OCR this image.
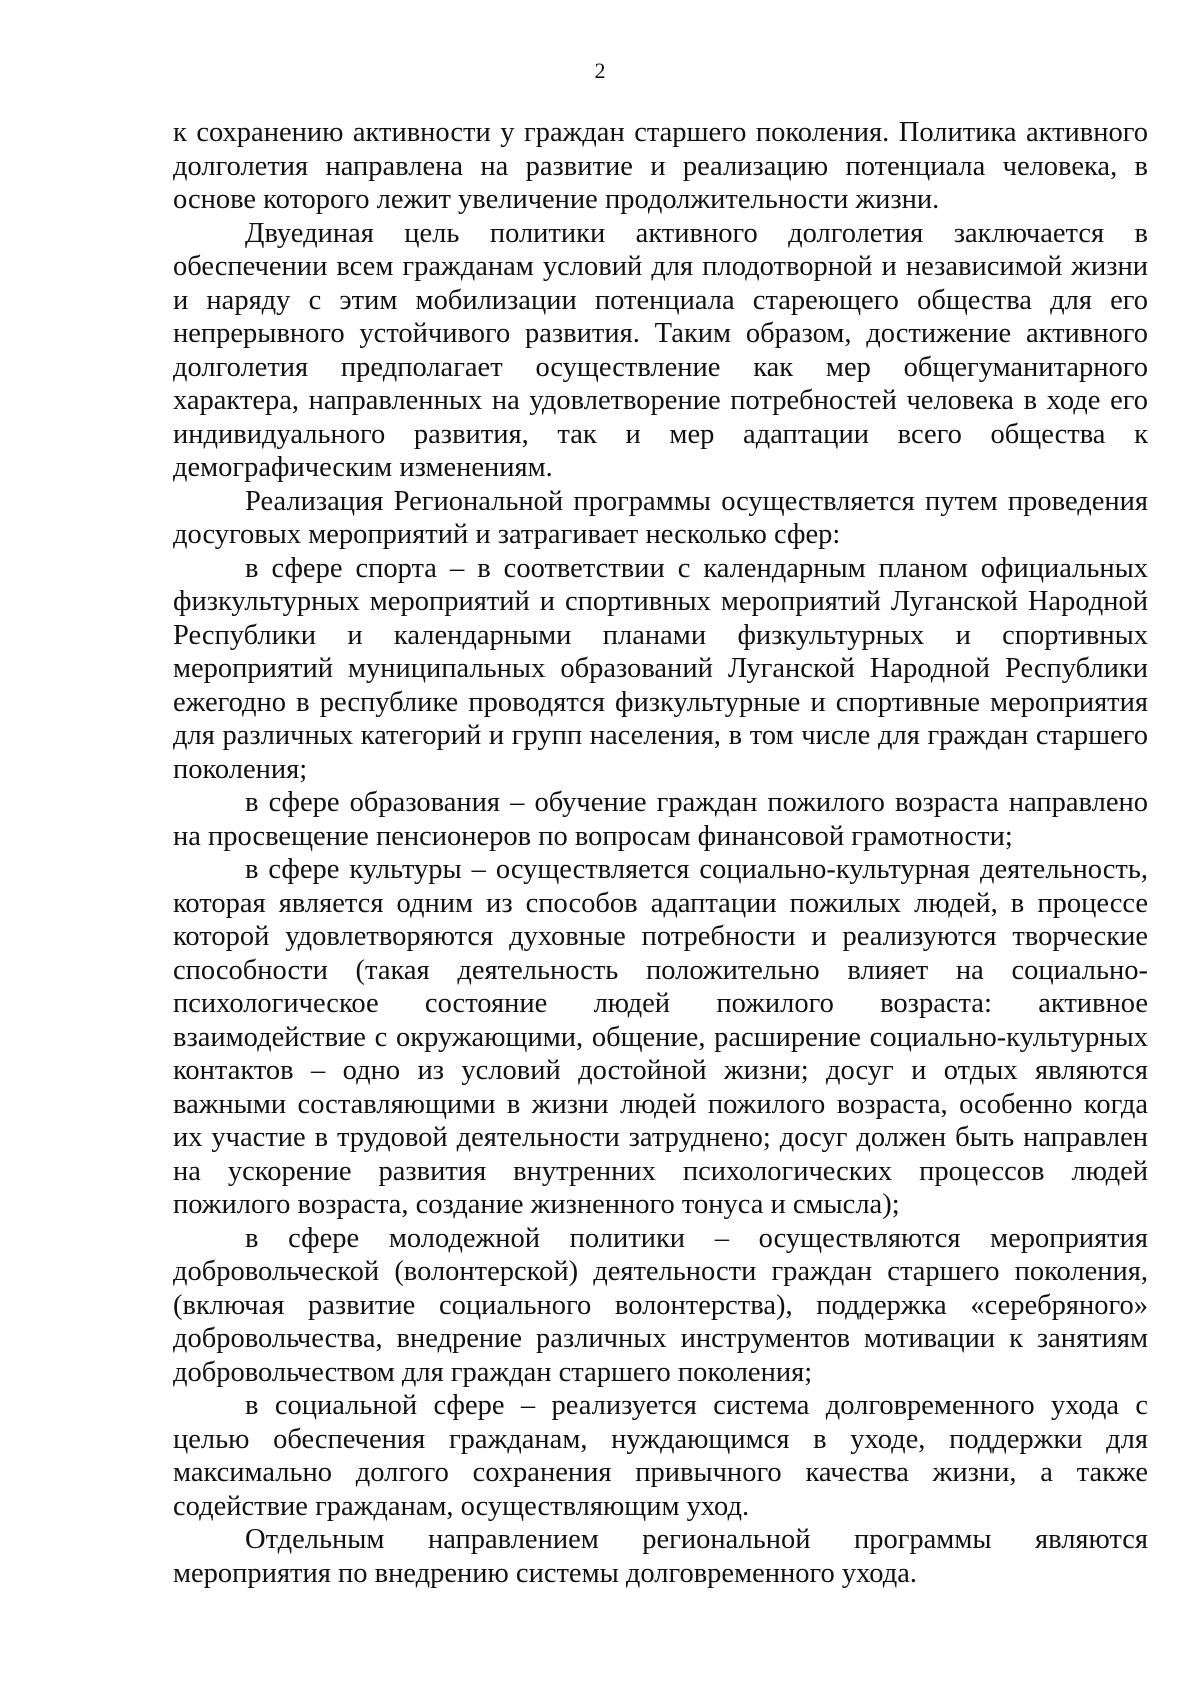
2

к сохранению активности у граждан старшего поколения. Политика активного долголетия направлена на развитие и реализацию потенциала человека, в основе которого лежит увеличение продолжительности жизни.

Двуединая цель политики активного долголетия заключается в обеспечении всем гражданам условий для плодотворной и независимой жизни и наряду с этим мобилизации потенциала стареющего общества для его непрерывного устойчивого развития. Таким образом, достижение активного долголетия предполагает осуществление как мер общегуманитарного характера, направленных на удовлетворение потребностей человека в ходе его индивидуального развития, так и мер адаптации всего общества к демографическим изменениям.

Реализация Региональной программы осуществляется путем проведения досуговых мероприятий и затрагивает несколько сфер:

в сфере спорта – в соответствии с календарным планом официальных физкультурных мероприятий и спортивных мероприятий Луганской Народной Республики и календарными планами физкультурных и спортивных мероприятий муниципальных образований Луганской Народной Республики ежегодно в республике проводятся физкультурные и спортивные мероприятия для различных категорий и групп населения, в том числе для граждан старшего поколения;

в сфере образования – обучение граждан пожилого возраста направлено на просвещение пенсионеров по вопросам финансовой грамотности;

в сфере культуры – осуществляется социально-культурная деятельность, которая является одним из способов адаптации пожилых людей, в процессе которой удовлетворяются духовные потребности и реализуются творческие способности (такая деятельность положительно влияет на социально-психологическое состояние людей пожилого возраста: активное взаимодействие с окружающими, общение, расширение социально-культурных контактов – одно из условий достойной жизни; досуг и отдых являются важными составляющими в жизни людей пожилого возраста, особенно когда их участие в трудовой деятельности затруднено; досуг должен быть направлен на ускорение развития внутренних психологических процессов людей пожилого возраста, создание жизненного тонуса и смысла);

в сфере молодежной политики – осуществляются мероприятия добровольческой (волонтерской) деятельности граждан старшего поколения, (включая развитие социального волонтерства), поддержка «серебряного» добровольчества, внедрение различных инструментов мотивации к занятиям добровольчеством для граждан старшего поколения;

в социальной сфере – реализуется система долговременного ухода с целью обеспечения гражданам, нуждающимся в уходе, поддержки для максимально долгого сохранения привычного качества жизни, а также содействие гражданам, осуществляющим уход.

Отдельным направлением региональной программы являются мероприятия по внедрению системы долговременного ухода.
